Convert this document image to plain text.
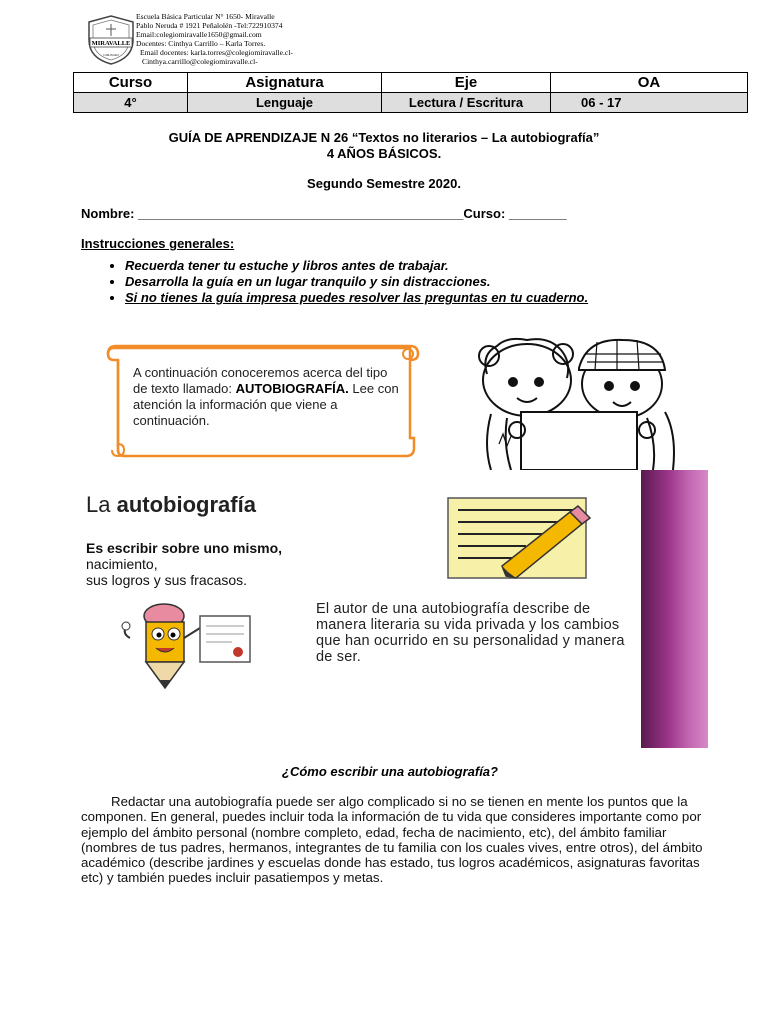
MIRAVALLE
COLEGIO
Escuela Básica Particular N° 1650- Miravalle
Pablo Neruda # 1921 Peñalolén -Tel:722910374
Email:colegiomiravalle1650@gmail.com
Docentes: Cinthya Carrillo – Karla Torres.
Email docentes: karla.torres@colegiomiravalle.cl-
Cinthya.carrillo@colegiomiravalle.cl-
Curso	Asignatura	Eje	OA
4°	Lenguaje	Lectura / Escritura	06 - 17
GUÍA DE APRENDIZAJE N 26 “Textos no literarios – La autobiografía”
4 AÑOS BÁSICOS.
Segundo Semestre 2020.
Nombre: _____________________________________________Curso: ________
Instrucciones generales:
• Recuerda tener tu estuche y libros antes de trabajar.
• Desarrolla la guía en un lugar tranquilo y sin distracciones.
• Si no tienes la guía impresa puedes resolver las preguntas en tu cuaderno.
A continuación conoceremos acerca del tipo de texto llamado: AUTOBIOGRAFÍA. Lee con atención la información que viene a continuación.
La autobiografía
Es escribir sobre uno mismo,
nacimiento,
sus logros y sus fracasos.
El autor de una autobiografía describe de manera literaria su vida privada y los cambios que han ocurrido en su personalidad y manera de ser.
¿Cómo escribir una autobiografía?
Redactar una autobiografía puede ser algo complicado si no se tienen en mente los puntos que la componen. En general, puedes incluir toda la información de tu vida que consideres importante como por ejemplo del ámbito personal (nombre completo, edad, fecha de nacimiento, etc), del ámbito familiar (nombres de tus padres, hermanos, integrantes de tu familia con los cuales vives, entre otros), del ámbito académico (describe jardines y escuelas donde has estado, tus logros académicos, asignaturas favoritas etc) y también puedes incluir pasatiempos y metas.
